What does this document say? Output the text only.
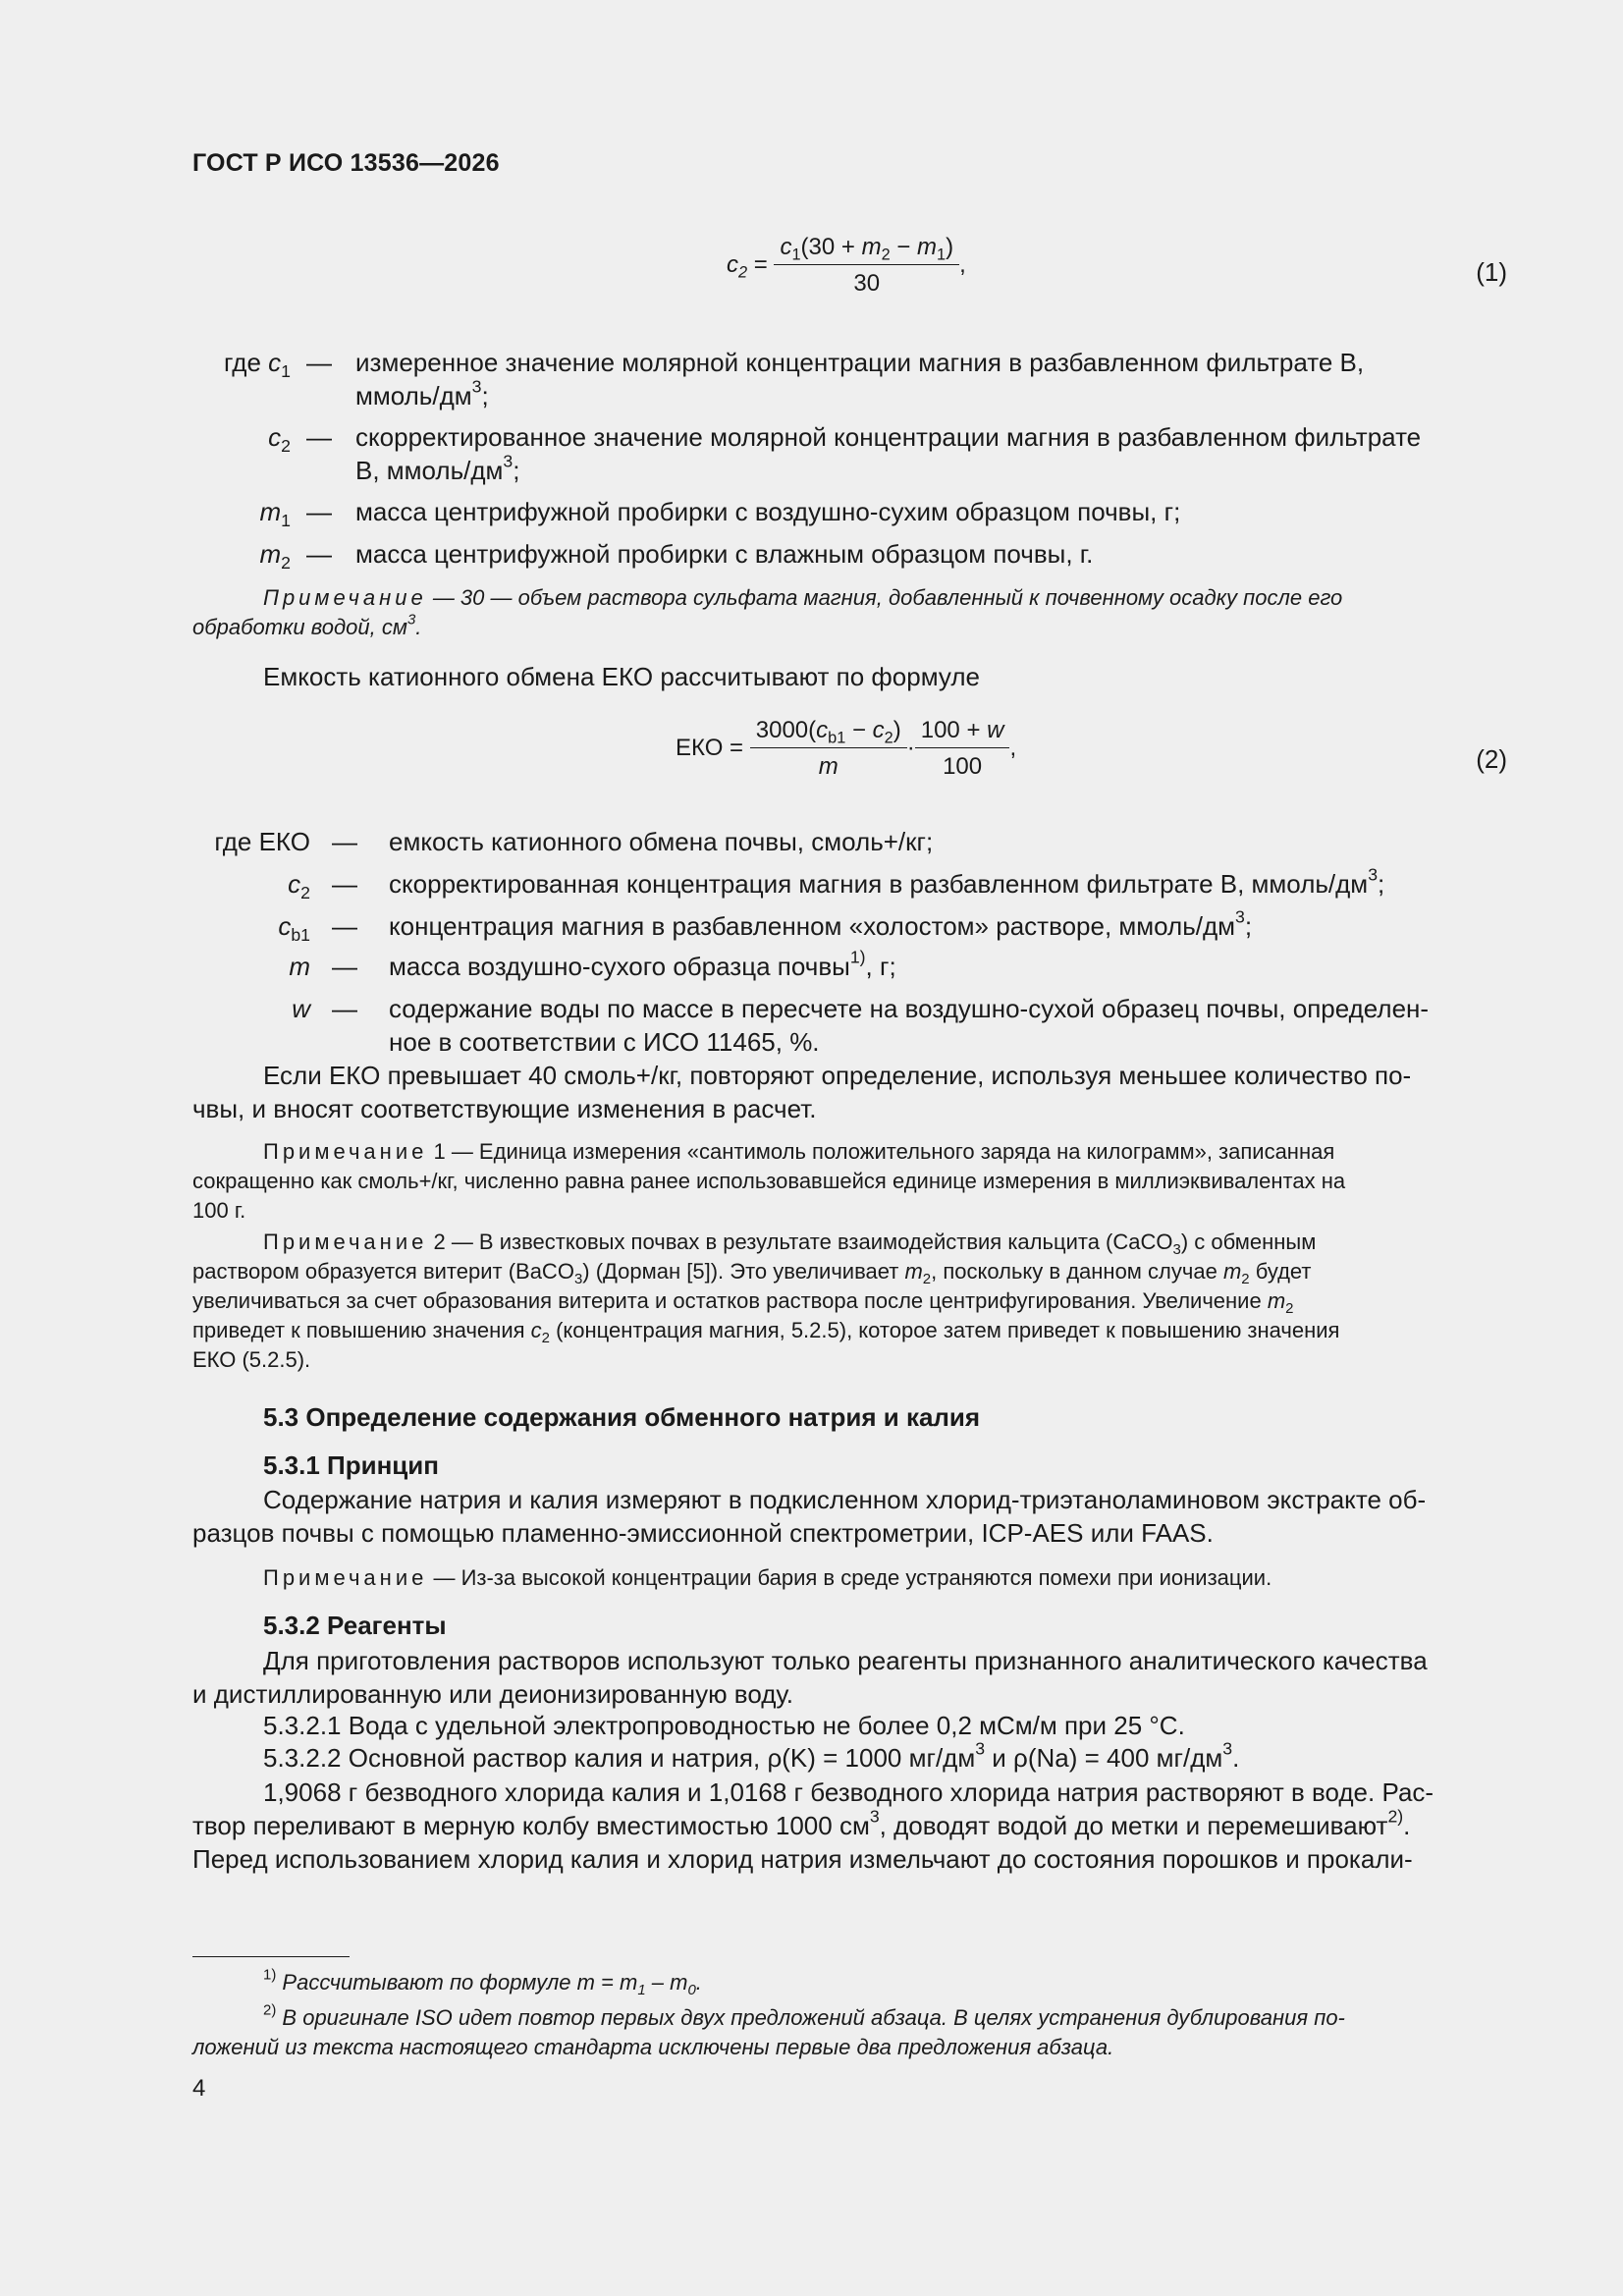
ГОСТ Р ИСО 13536—2026
$c_2 = \frac{c_1(30 + m_2 - m_1)}{30}$ ,	(1)
где $c_1$ — измеренное значение молярной концентрации магния в разбавленном фильтрате В,
ммоль/$дм^3$;
$c_2$ — скорректированное значение молярной концентрации магния в разбавленном фильтрате
В, ммоль/$дм^3$;
$m_1$ — масса центрифужной пробирки с воздушно-сухим образцом почвы, г;
$m_2$ — масса центрифужной пробирки с влажным образцом почвы, г.
Примечание — 30 — объем раствора сульфата магния, добавленный к почвенному осадку после его
обработки водой, $см^3$.
Емкость катионного обмена ЕКО рассчитывают по формуле
ЕКО = $\frac{3000(c_{b1} - c_2)}{m} \cdot \frac{100 + w}{100}$ ,	(2)
где ЕКО — емкость катионного обмена почвы, смоль+/кг;
$c_2$ — скорректированная концентрация магния в разбавленном фильтрате В, ммоль/$дм^3$;
$c_{b1}$ — концентрация магния в разбавленном «холостом» растворе, ммоль/$дм^3$;
m — масса воздушно-сухого образца почвы$^{1)}$, г;
w — содержание воды по массе в пересчете на воздушно-сухой образец почвы, определен-
ное в соответствии с ИСО 11465, %.
Если ЕКО превышает 40 смоль+/кг, повторяют определение, используя меньшее количество по-
чвы, и вносят соответствующие изменения в расчет.
Примечание 1 — Единица измерения «сантимоль положительного заряда на килограмм», записанная
сокращенно как смоль+/кг, численно равна ранее использовавшейся единице измерения в миллиэквивалентах на
100 г.
Примечание 2 — В известковых почвах в результате взаимодействия кальцита (CaCO$_3$) с обменным
раствором образуется витерит (BaCO$_3$) (Дорман [5]). Это увеличивает $m_2$, поскольку в данном случае $m_2$ будет
увеличиваться за счет образования витерита и остатков раствора после центрифугирования. Увеличение $m_2$
приведет к повышению значения $c_2$ (концентрация магния, 5.2.5), которое затем приведет к повышению значения
ЕКО (5.2.5).
5.3 Определение содержания обменного натрия и калия
5.3.1 Принцип
Содержание натрия и калия измеряют в подкисленном хлорид-триэтаноламиновом экстракте об-
разцов почвы с помощью пламенно-эмиссионной спектрометрии, ICP-AES или FAAS.
Примечание — Из-за высокой концентрации бария в среде устраняются помехи при ионизации.
5.3.2 Реагенты
Для приготовления растворов используют только реагенты признанного аналитического качества
и дистиллированную или деионизированную воду.
5.3.2.1 Вода с удельной электропроводностью не более 0,2 мСм/м при 25 °С.
5.3.2.2 Основной раствор калия и натрия, ρ(K) = 1000 $мг/дм^3$ и ρ(Na) = 400 $мг/дм^3$.
1,9068 г безводного хлорида калия и 1,0168 г безводного хлорида натрия растворяют в воде. Рас-
твор переливают в мерную колбу вместимостью 1000 $см^3$, доводят водой до метки и перемешивают$^{2)}$.
Перед использованием хлорид калия и хлорид натрия измельчают до состояния порошков и прокали-
$^{1)}$ Рассчитывают по формуле $m = m_1 - m_0$.
$^{2)}$ В оригинале ISO идет повтор первых двух предложений абзаца. В целях устранения дублирования по-
ложений из текста настоящего стандарта исключены первые два предложения абзаца.
4
